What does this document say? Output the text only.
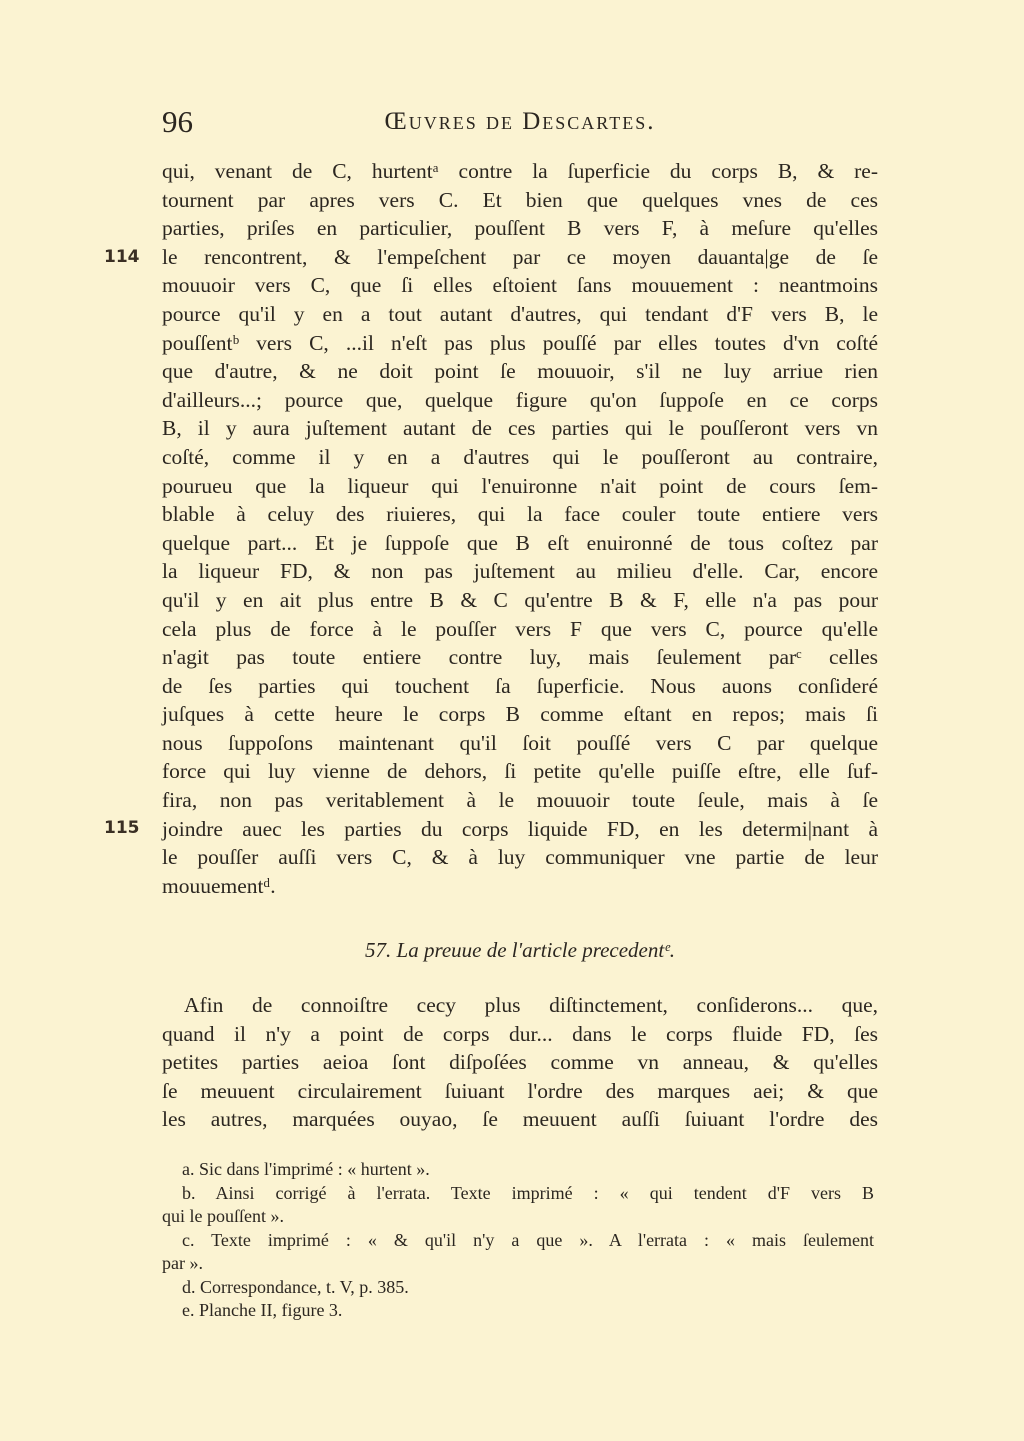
96	Œuvres de Descartes.
114
115
qui, venant de C, hurtentᵃ contre la ſuperficie du corps B, & re-
tournent par apres vers C. Et bien que quelques vnes de ces
parties, priſes en particulier, pouſſent B vers F, à meſure qu'elles
le rencontrent, & l'empeſchent par ce moyen dauanta|ge de ſe
mouuoir vers C, que ſi elles eſtoient ſans mouuement : neantmoins
pource qu'il y en a tout autant d'autres, qui tendant d'F vers B, le
pouſſentᵇ vers C, ...il n'eſt pas plus pouſſé par elles toutes d'vn coſté
que d'autre, & ne doit point ſe mouuoir, s'il ne luy arriue rien
d'ailleurs...; pource que, quelque figure qu'on ſuppoſe en ce corps
B, il y aura juſtement autant de ces parties qui le pouſſeront vers vn
coſté, comme il y en a d'autres qui le pouſſeront au contraire,
pourueu que la liqueur qui l'enuironne n'ait point de cours ſem-
blable à celuy des riuieres, qui la face couler toute entiere vers
quelque part... Et je ſuppoſe que B eſt enuironné de tous coſtez par
la liqueur FD, & non pas juſtement au milieu d'elle. Car, encore
qu'il y en ait plus entre B & C qu'entre B & F, elle n'a pas pour
cela plus de force à le pouſſer vers F que vers C, pource qu'elle
n'agit pas toute entiere contre luy, mais ſeulement parᶜ celles
de ſes parties qui touchent ſa ſuperficie. Nous auons conſideré
juſques à cette heure le corps B comme eſtant en repos; mais ſi
nous ſuppoſons maintenant qu'il ſoit pouſſé vers C par quelque
force qui luy vienne de dehors, ſi petite qu'elle puiſſe eſtre, elle ſuf-
fira, non pas veritablement à le mouuoir toute ſeule, mais à ſe
joindre auec les parties du corps liquide FD, en les determi|nant à
le pouſſer auſſi vers C, & à luy communiquer vne partie de leur
mouuementᵈ.
57. La preuue de l'article precedentᵉ.
Afin de connoiſtre cecy plus diſtinctement, conſiderons... que,
quand il n'y a point de corps dur... dans le corps fluide FD, ſes
petites parties aeioa ſont diſpoſées comme vn anneau, & qu'elles
ſe meuuent circulairement ſuiuant l'ordre des marques aei; & que
les autres, marquées ouyao, ſe meuuent auſſi ſuiuant l'ordre des
a. Sic dans l'imprimé : « hurtent ».
b. Ainsi corrigé à l'errata. Texte imprimé : « qui tendent d'F vers B
qui le pouſſent ».
c. Texte imprimé : « & qu'il n'y a que ». A l'errata : « mais ſeulement
par ».
d. Correspondance, t. V, p. 385.
e. Planche II, figure 3.
